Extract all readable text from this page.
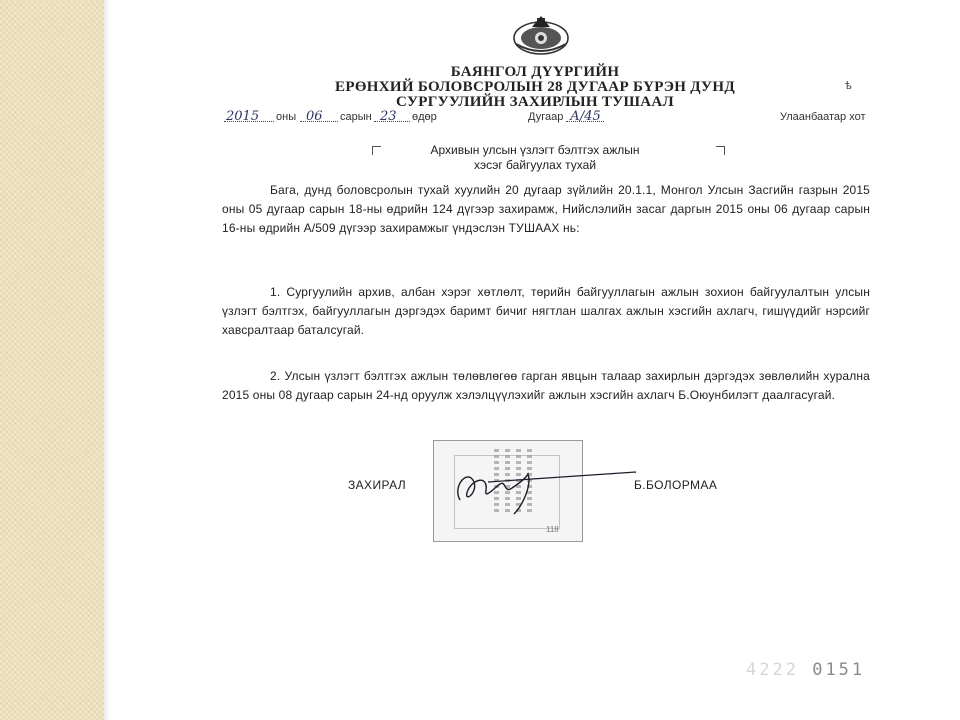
БАЯНГОЛ ДҮҮРГИЙН
ЕРӨНХИЙ БОЛОВСРОЛЫН 28 ДУГААР БҮРЭН ДУНД
СУРГУУЛИЙН ЗАХИРЛЫН ТУШААЛ
ѣ
2015 оны 06 сарын 23 өдөр	Дугаар А/45	Улаанбаатар хот
Архивын улсын үзлэгт бэлтгэх ажлын
хэсэг байгуулах тухай

Бага, дунд боловсролын тухай хуулийн 20 дугаар зүйлийн 20.1.1, Монгол Улсын Засгийн газрын 2015 оны 05 дугаар сарын 18-ны өдрийн 124 дүгээр захирамж, Нийслэлийн засаг даргын 2015 оны 06 дугаар сарын 16-ны өдрийн А/509 дүгээр захирамжыг үндэслэн ТУШААХ нь:

1. Сургуулийн архив, албан хэрэг хөтлөлт, төрийн байгууллагын ажлын зохион байгуулалтын улсын үзлэгт бэлтгэх, байгууллагын дэргэдэх баримт бичиг нягтлан шалгах ажлын хэсгийн ахлагч, гишүүдийг нэрсийг хавсралтаар баталсугай.

2. Улсын үзлэгт бэлтгэх ажлын төлөвлөгөө гарган явцын талаар захирлын дэргэдэх зөвлөлийн хурална 2015 оны 08 дугаар сарын 24-нд оруулж хэлэлцүүлэхийг ажлын хэсгийн ахлагч Б.Оюунбилэгт даалгасугай.

118
ЗАХИРАЛ	Б.БОЛОРМАА
4222 0151
